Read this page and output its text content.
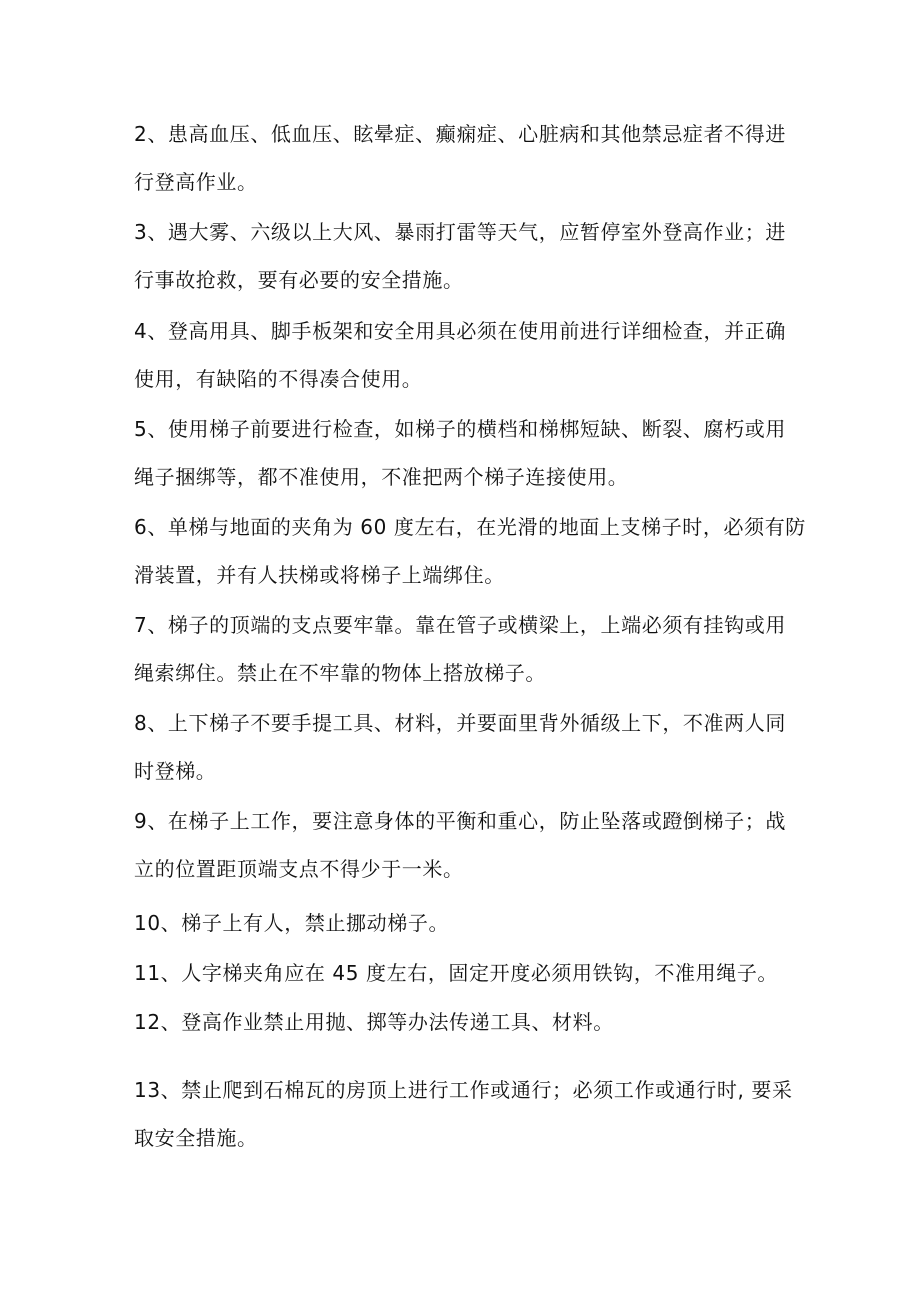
2、患高血压、低血压、眩晕症、癫痫症、心脏病和其他禁忌症者不得进
行登高作业。

3、遇大雾、六级以上大风、暴雨打雷等天气，应暂停室外登高作业；进
行事故抢救，要有必要的安全措施。

4、登高用具、脚手板架和安全用具必须在使用前进行详细检查，并正确
使用，有缺陷的不得凑合使用。

5、使用梯子前要进行检查，如梯子的横档和梯梆短缺、断裂、腐朽或用
绳子捆绑等，都不准使用，不准把两个梯子连接使用。

6、单梯与地面的夹角为 60 度左右，在光滑的地面上支梯子时，必须有防
滑装置，并有人扶梯或将梯子上端绑住。

7、梯子的顶端的支点要牢靠。靠在管子或横梁上，上端必须有挂钩或用
绳索绑住。禁止在不牢靠的物体上搭放梯子。

8、上下梯子不要手提工具、材料，并要面里背外循级上下，不准两人同
时登梯。

9、在梯子上工作，要注意身体的平衡和重心，防止坠落或蹬倒梯子；战
立的位置距顶端支点不得少于一米。

10、梯子上有人，禁止挪动梯子。

11、人字梯夹角应在 45 度左右，固定开度必须用铁钩，不准用绳子。

12、登高作业禁止用抛、掷等办法传递工具、材料。

13、禁止爬到石棉瓦的房顶上进行工作或通行；必须工作或通行时, 要采
取安全措施。
